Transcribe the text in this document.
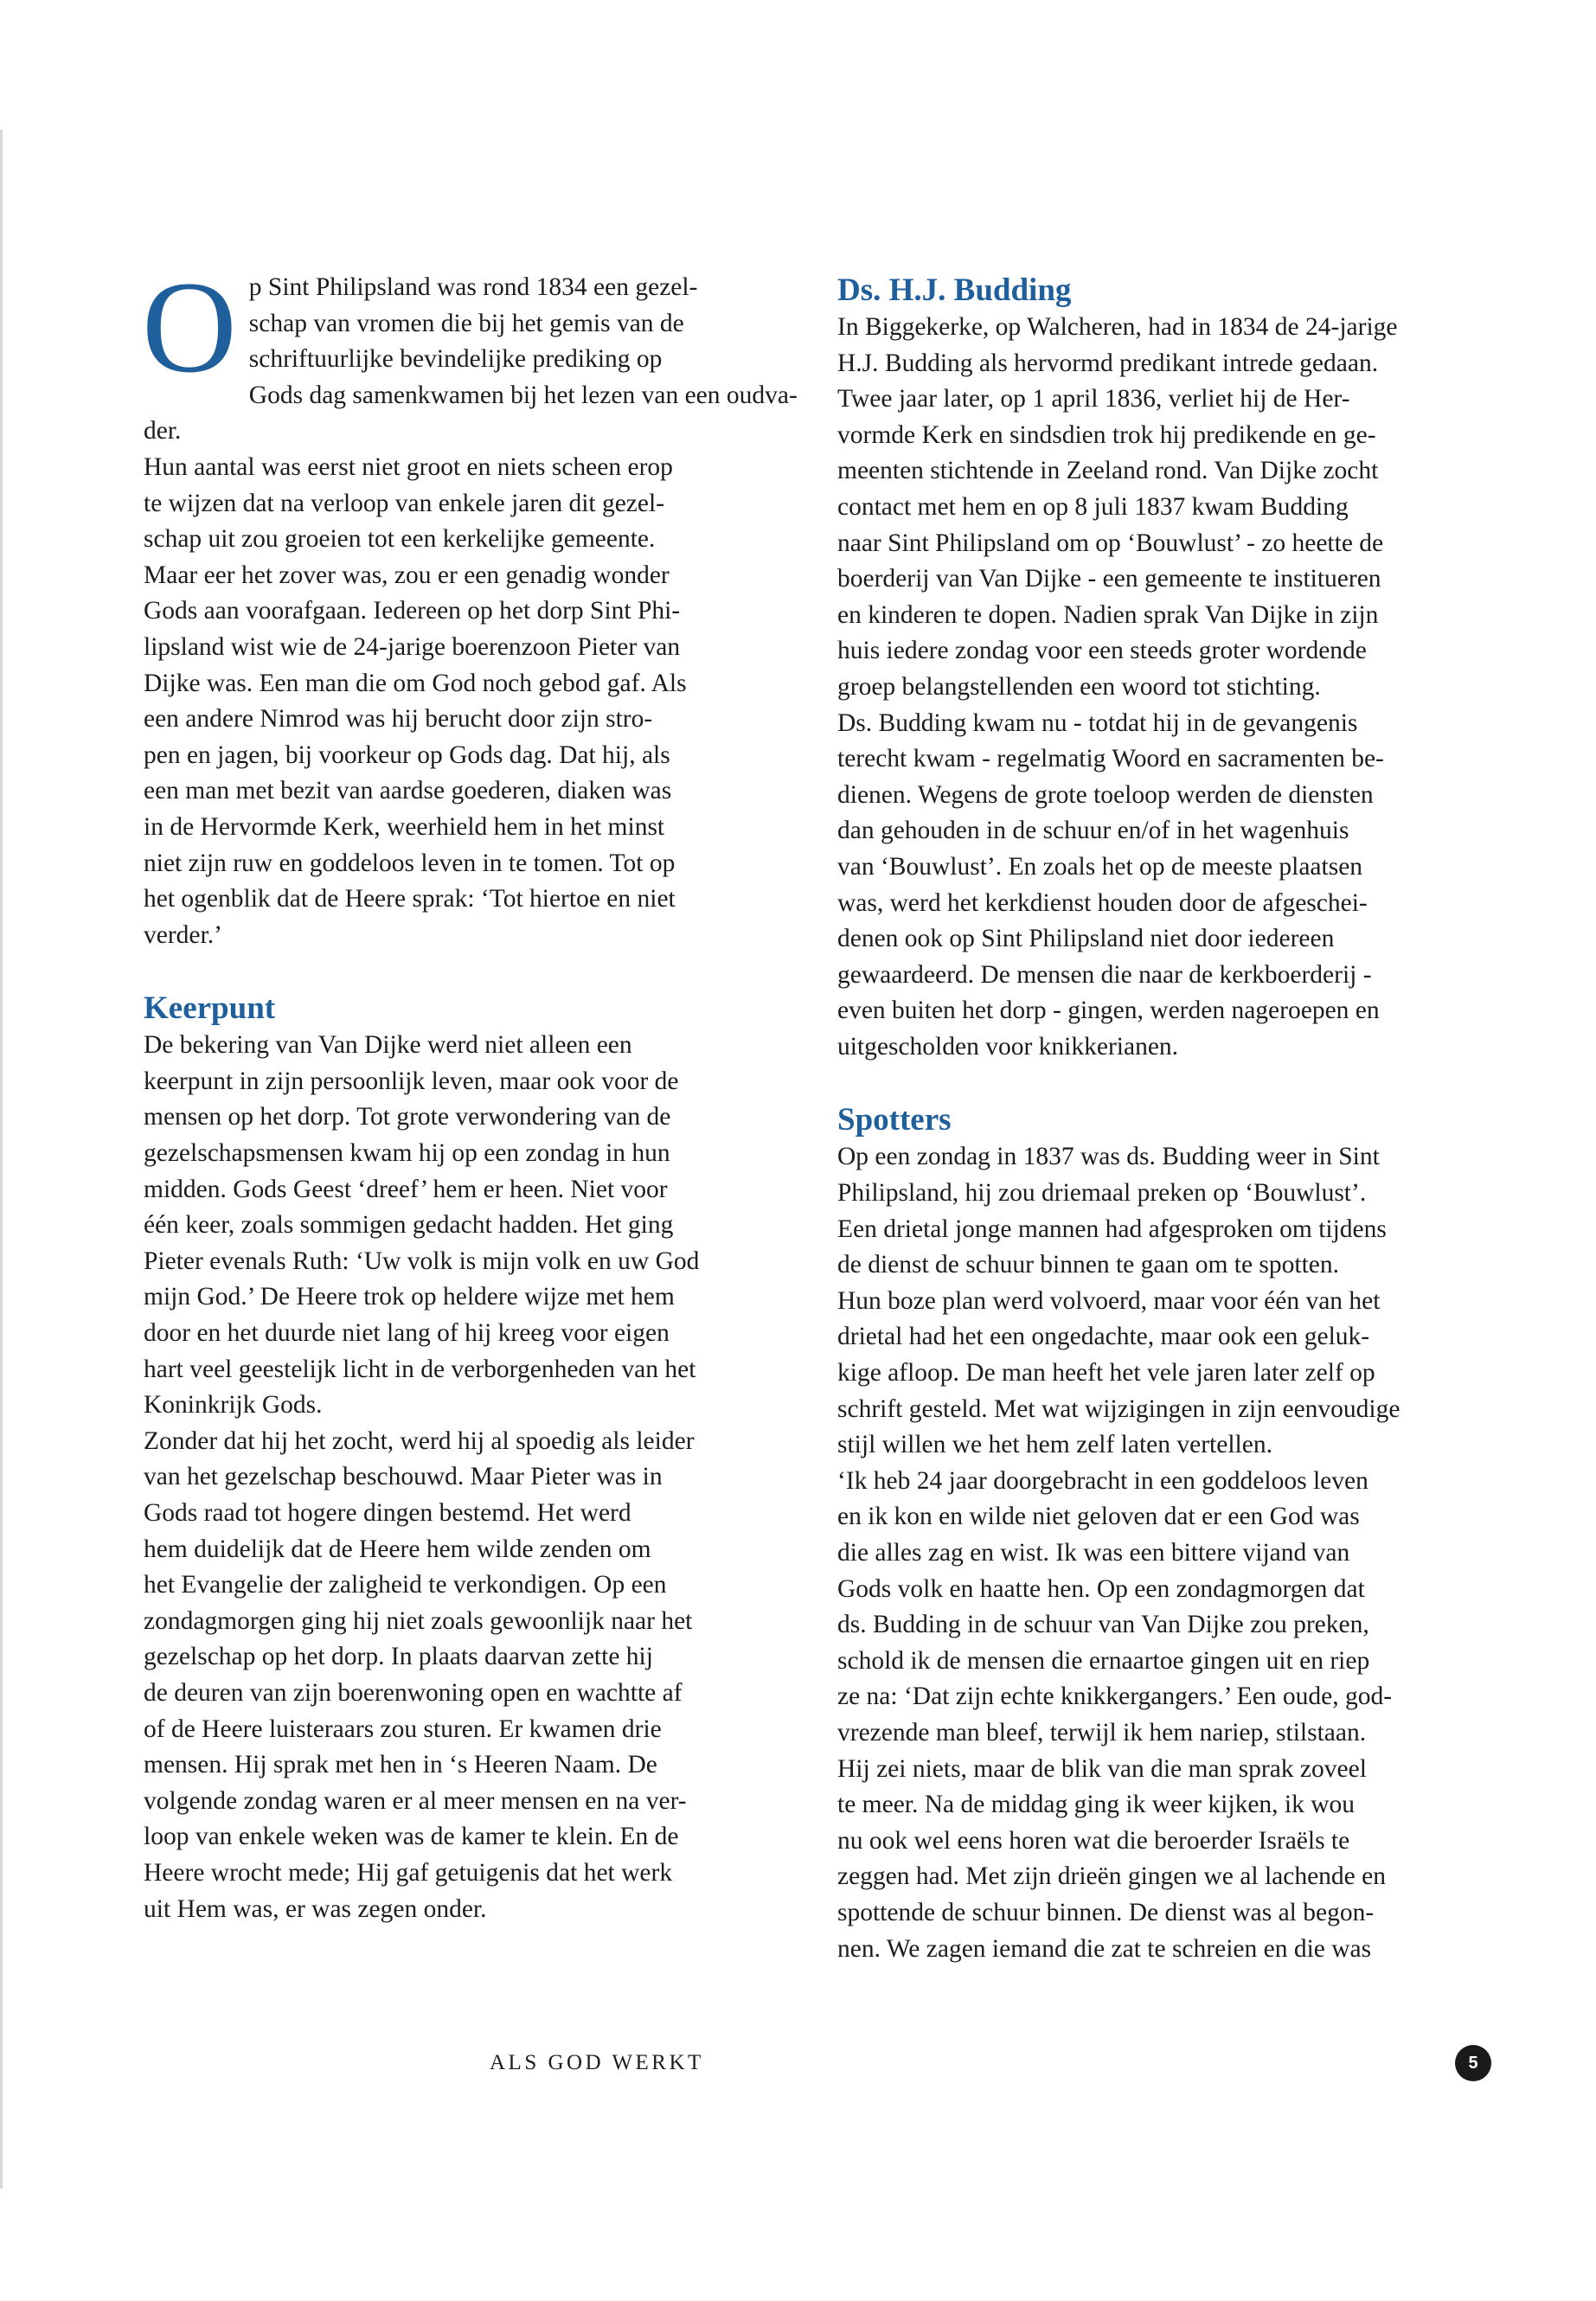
O p Sint Philipsland was rond 1834 een gezel-
schap van vromen die bij het gemis van de
schriftuurlijke bevindelijke prediking op
Gods dag samenkwamen bij het lezen van een oudva-
der.

Hun aantal was eerst niet groot en niets scheen erop
te wijzen dat na verloop van enkele jaren dit gezel-
schap uit zou groeien tot een kerkelijke gemeente.
Maar eer het zover was, zou er een genadig wonder
Gods aan voorafgaan. Iedereen op het dorp Sint Phi-
lipsland wist wie de 24-jarige boerenzoon Pieter van
Dijke was. Een man die om God noch gebod gaf. Als
een andere Nimrod was hij berucht door zijn stro-
pen en jagen, bij voorkeur op Gods dag. Dat hij, als
een man met bezit van aardse goederen, diaken was
in de Hervormde Kerk, weerhield hem in het minst
niet zijn ruw en goddeloos leven in te tomen. Tot op
het ogenblik dat de Heere sprak: ‘Tot hiertoe en niet
verder.’

Keerpunt

De bekering van Van Dijke werd niet alleen een
keerpunt in zijn persoonlijk leven, maar ook voor de
mensen op het dorp. Tot grote verwondering van de
gezelschapsmensen kwam hij op een zondag in hun
midden. Gods Geest ‘dreef’ hem er heen. Niet voor
één keer, zoals sommigen gedacht hadden. Het ging
Pieter evenals Ruth: ‘Uw volk is mijn volk en uw God
mijn God.’ De Heere trok op heldere wijze met hem
door en het duurde niet lang of hij kreeg voor eigen
hart veel geestelijk licht in de verborgenheden van het
Koninkrijk Gods.

Zonder dat hij het zocht, werd hij al spoedig als leider
van het gezelschap beschouwd. Maar Pieter was in
Gods raad tot hogere dingen bestemd. Het werd
hem duidelijk dat de Heere hem wilde zenden om
het Evangelie der zaligheid te verkondigen. Op een
zondagmorgen ging hij niet zoals gewoonlijk naar het
gezelschap op het dorp. In plaats daarvan zette hij
de deuren van zijn boerenwoning open en wachtte af
of de Heere luisteraars zou sturen. Er kwamen drie
mensen. Hij sprak met hen in ‘s Heeren Naam. De
volgende zondag waren er al meer mensen en na ver-
loop van enkele weken was de kamer te klein. En de
Heere wrocht mede; Hij gaf getuigenis dat het werk
uit Hem was, er was zegen onder.

Ds. H.J. Budding

In Biggekerke, op Walcheren, had in 1834 de 24-jarige
H.J. Budding als hervormd predikant intrede gedaan.
Twee jaar later, op 1 april 1836, verliet hij de Her-
vormde Kerk en sindsdien trok hij predikende en ge-
meenten stichtende in Zeeland rond. Van Dijke zocht
contact met hem en op 8 juli 1837 kwam Budding
naar Sint Philipsland om op ‘Bouwlust’ - zo heette de
boerderij van Van Dijke - een gemeente te instituеren
en kinderen te dopen. Nadien sprak Van Dijke in zijn
huis iedere zondag voor een steeds groter wordende
groep belangstellenden een woord tot stichting.

Ds. Budding kwam nu - totdat hij in de gevangenis
terecht kwam - regelmatig Woord en sacramenten be-
dienen. Wegens de grote toeloop werden de diensten
dan gehouden in de schuur en/of in het wagenhuis
van ‘Bouwlust’. En zoals het op de meeste plaatsen
was, werd het kerkdienst houden door de afgeschei-
denen ook op Sint Philipsland niet door iedereen
gewaardeerd. De mensen die naar de kerkboerderij -
even buiten het dorp - gingen, werden nageroepen en
uitgescholden voor knikkerianen.

Spotters

Op een zondag in 1837 was ds. Budding weer in Sint
Philipsland, hij zou driemaal preken op ‘Bouwlust’.
Een drietal jonge mannen had afgesproken om tijdens
de dienst de schuur binnen te gaan om te spotten.
Hun boze plan werd volvoerd, maar voor één van het
drietal had het een ongedachte, maar ook een geluk-
kige afloop. De man heeft het vele jaren later zelf op
schrift gesteld. Met wat wijzigingen in zijn eenvoudige
stijl willen we het hem zelf laten vertellen.

‘Ik heb 24 jaar doorgebracht in een goddeloos leven
en ik kon en wilde niet geloven dat er een God was
die alles zag en wist. Ik was een bittere vijand van
Gods volk en haatte hen. Op een zondagmorgen dat
ds. Budding in de schuur van Van Dijke zou preken,
schold ik de mensen die ernaartoe gingen uit en riep
ze na: ‘Dat zijn echte knikkergangers.’ Een oude, god-
vrezende man bleef, terwijl ik hem nariep, stilstaan.
Hij zei niets, maar de blik van die man sprak zoveel
te meer. Na de middag ging ik weer kijken, ik wou
nu ook wel eens horen wat die beroerder Israëls te
zeggen had. Met zijn drieën gingen we al lachende en
spottende de schuur binnen. De dienst was al begon-
nen. We zagen iemand die zat te schreien en die was

ALS GOD WERKT	5
